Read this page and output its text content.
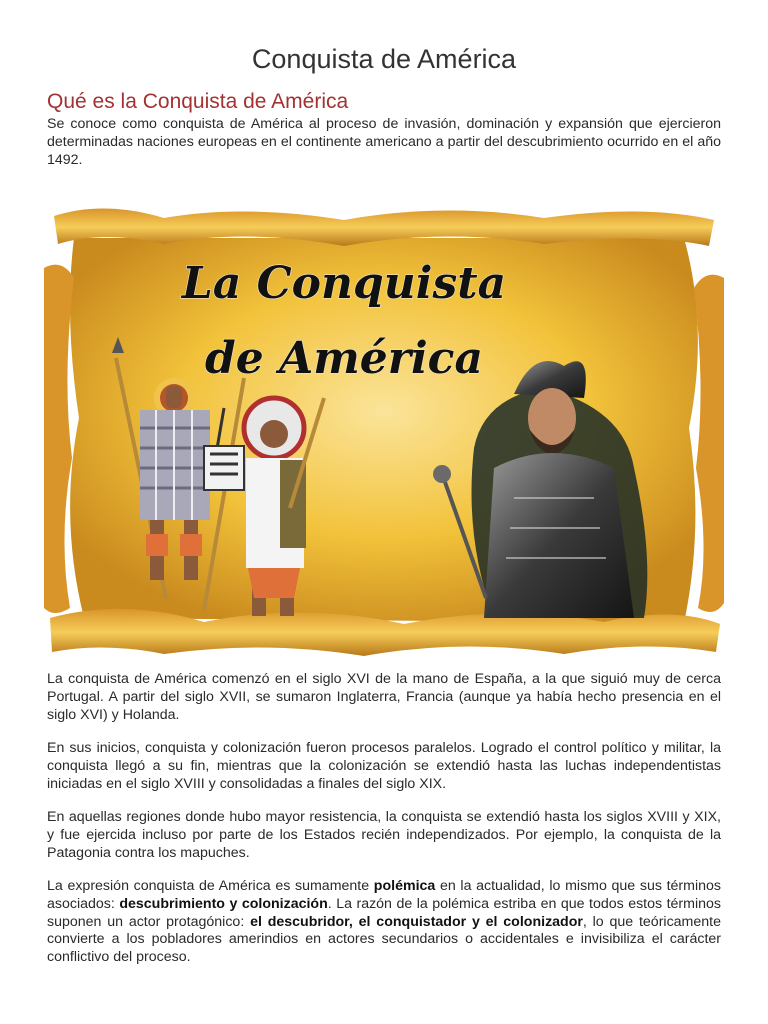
Conquista de América
Qué es la Conquista de América
Se conoce como conquista de América al proceso de invasión, dominación y expansión que ejercieron determinadas naciones europeas en el continente americano a partir del descubrimiento ocurrido en el año 1492.
La Conquista
de América
La conquista de América comenzó en el siglo XVI de la mano de España, a la que siguió muy de cerca Portugal. A partir del siglo XVII, se sumaron Inglaterra, Francia (aunque ya había hecho presencia en el siglo XVI) y Holanda.
En sus inicios, conquista y colonización fueron procesos paralelos. Logrado el control político y militar, la conquista llegó a su fin, mientras que la colonización se extendió hasta las luchas independentistas iniciadas en el siglo XVIII y consolidadas a finales del siglo XIX.
En aquellas regiones donde hubo mayor resistencia, la conquista se extendió hasta los siglos XVIII y XIX, y fue ejercida incluso por parte de los Estados recién independizados. Por ejemplo, la conquista de la Patagonia contra los mapuches.
La expresión conquista de América es sumamente polémica en la actualidad, lo mismo que sus términos asociados: descubrimiento y colonización. La razón de la polémica estriba en que todos estos términos suponen un actor protagónico: el descubridor, el conquistador y el colonizador, lo que teóricamente convierte a los pobladores amerindios en actores secundarios o accidentales e invisibiliza el carácter conflictivo del proceso.
